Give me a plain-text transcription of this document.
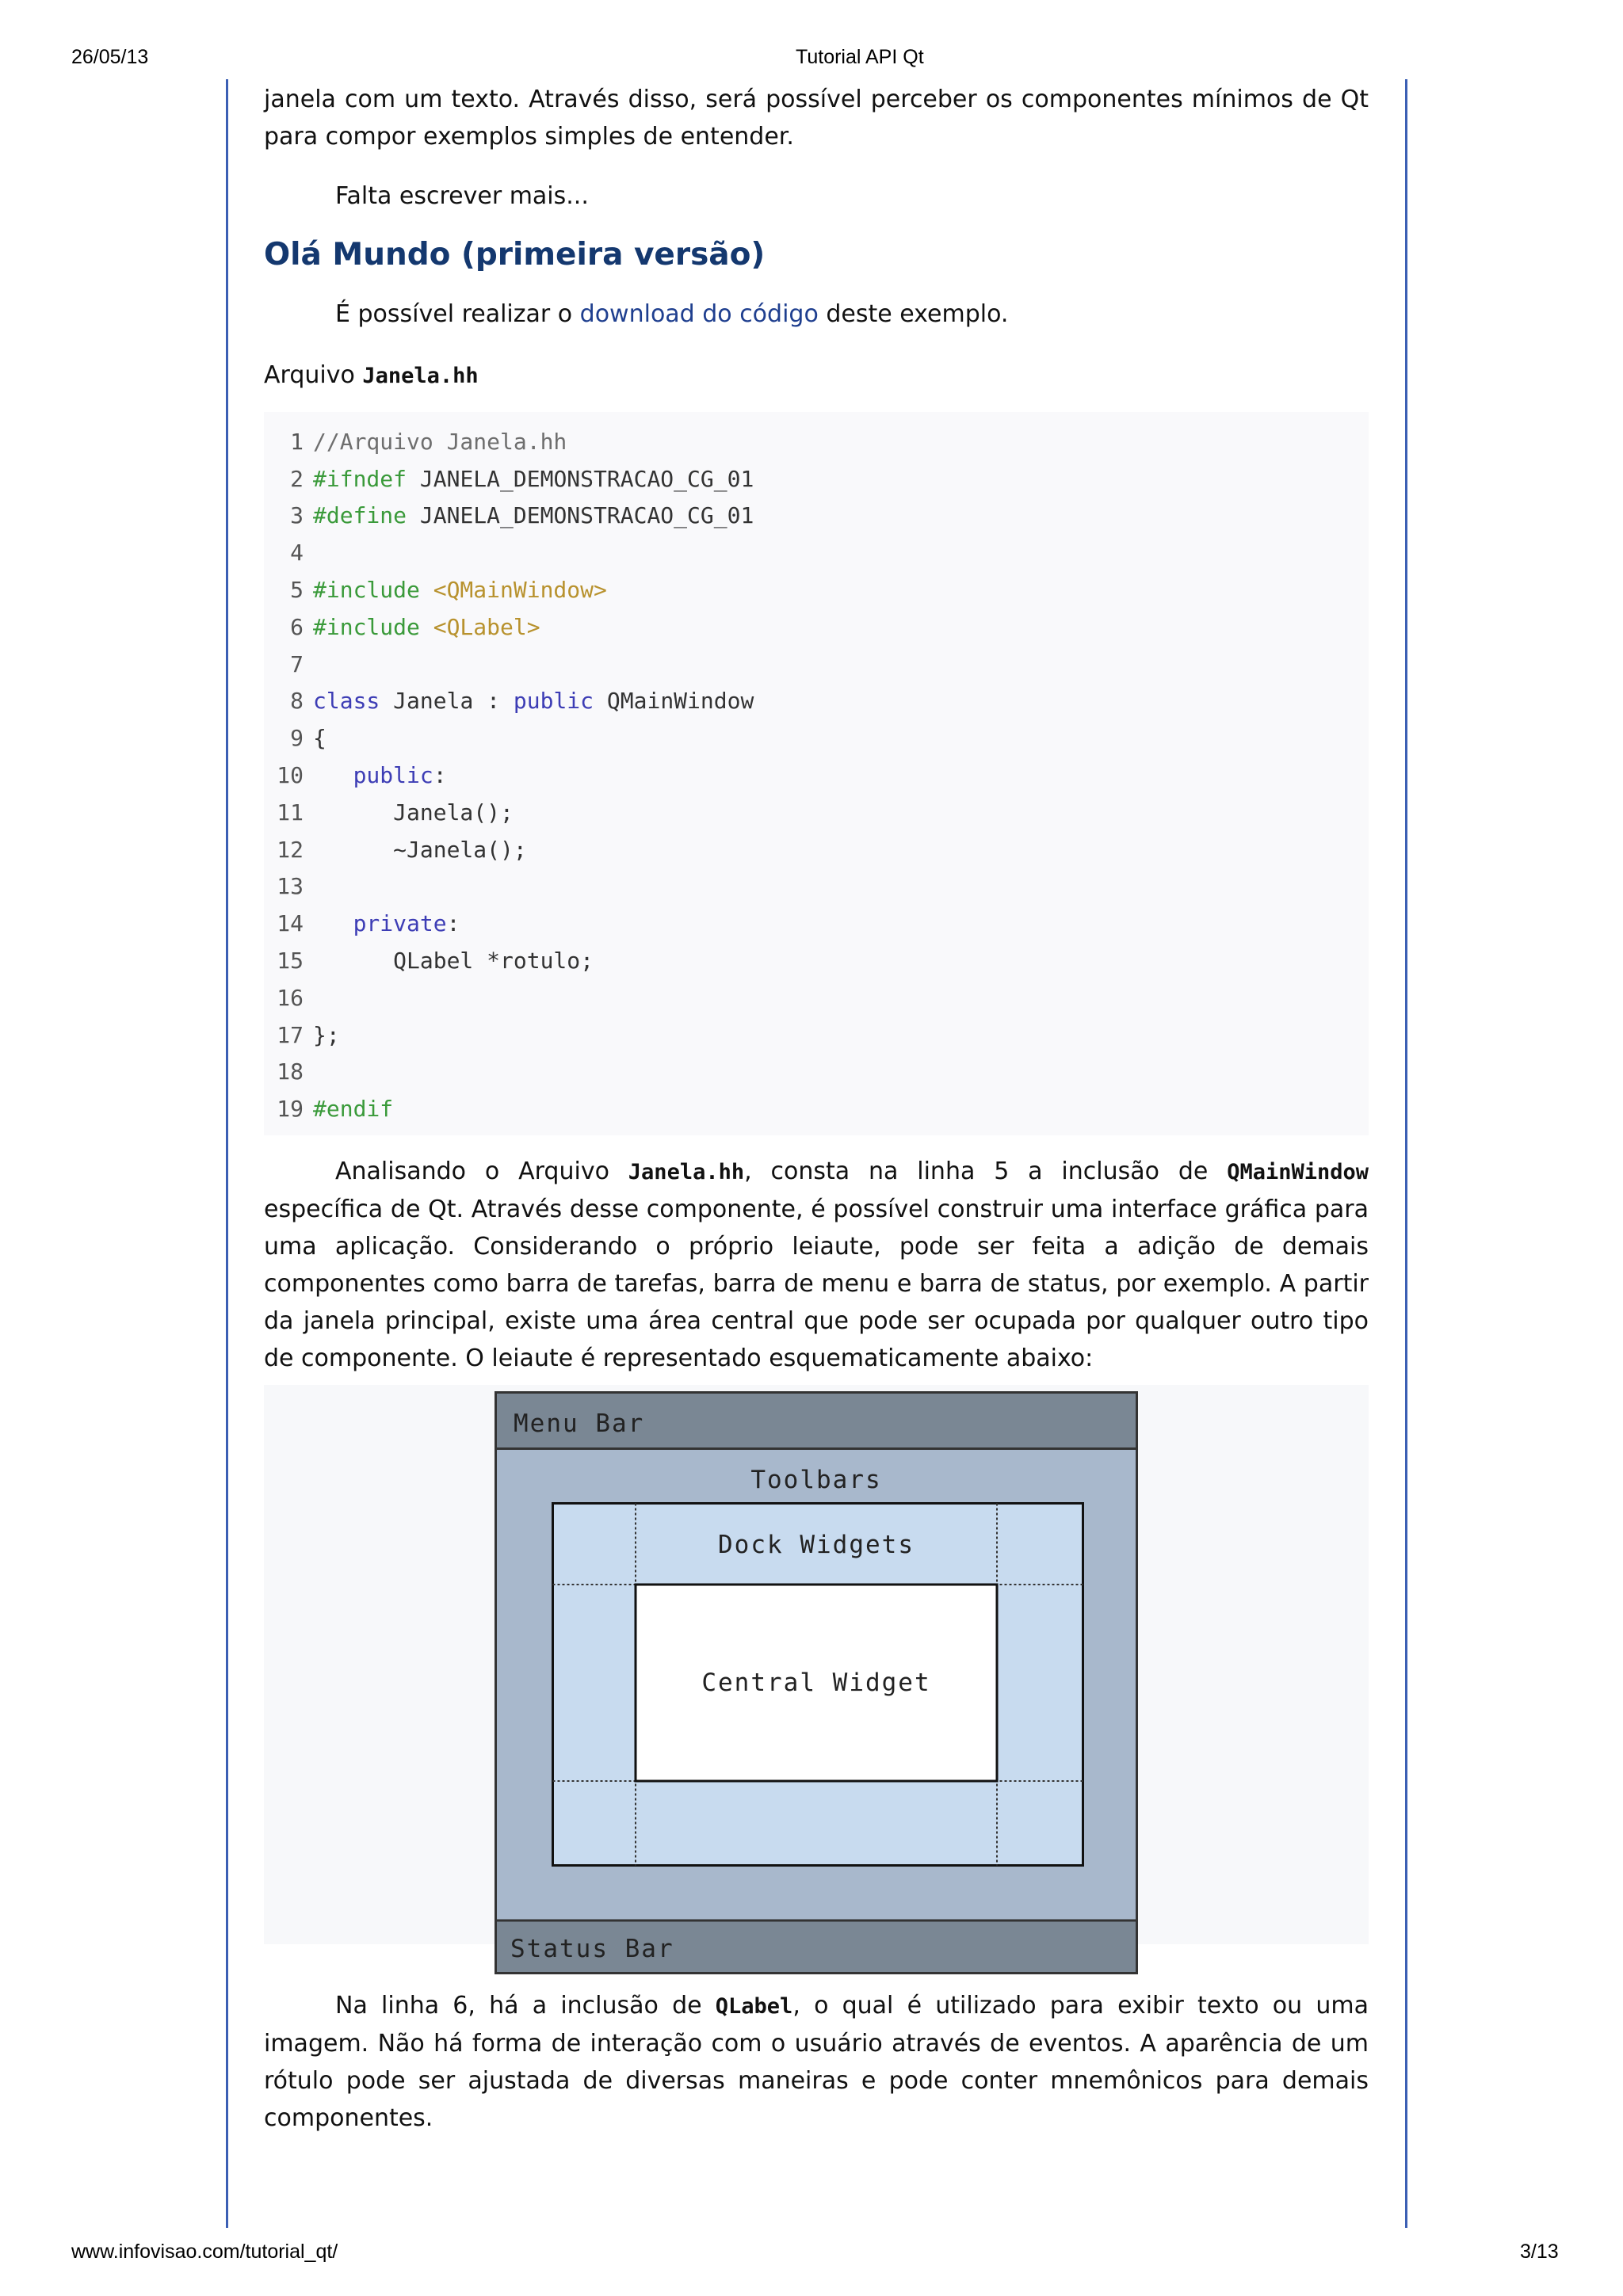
26/05/13	Tutorial API Qt

janela com um texto. Através disso, será possível perceber os componentes mínimos de Qt para compor exemplos simples de entender.

Falta escrever mais...

Olá Mundo (primeira versão)

É possível realizar o download do código deste exemplo.

Arquivo Janela.hh

1 //Arquivo Janela.hh
2 #ifndef JANELA_DEMONSTRACAO_CG_01
3 #define JANELA_DEMONSTRACAO_CG_01
4
5 #include <QMainWindow>
6 #include <QLabel>
7
8 class Janela : public QMainWindow
9 {
10	public:
11 Janela();
12 ~Janela();
13
14	private:
15 QLabel *rotulo;
16
17 };
18
19 #endif

Analisando o Arquivo Janela.hh, consta na linha 5 a inclusão de QMainWindow específica de Qt. Através desse componente, é possível construir uma interface gráfica para uma aplicação. Considerando o próprio leiaute, pode ser feita a adição de demais componentes como barra de tarefas, barra de menu e barra de status, por exemplo. A partir da janela principal, existe uma área central que pode ser ocupada por qualquer outro tipo de componente. O leiaute é representado esquematicamente abaixo:

Menu Bar
Toolbars
Dock Widgets
Central Widget
Status Bar

Na linha 6, há a inclusão de QLabel, o qual é utilizado para exibir texto ou uma imagem. Não há forma de interação com o usuário através de eventos. A aparência de um rótulo pode ser ajustada de diversas maneiras e pode conter mnemônicos para demais componentes.

www.infovisao.com/tutorial_qt/	3/13
